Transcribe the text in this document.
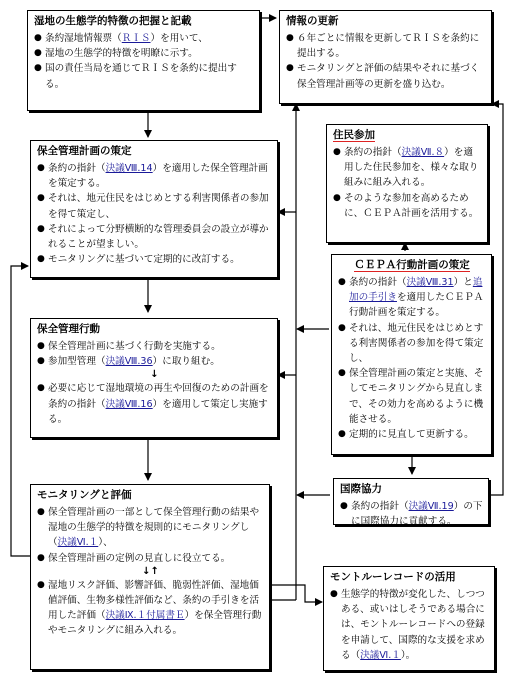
湿地の生態学的特徴の把握と記載
● 条約湿地情報票（ＲＩＳ）を用いて、
● 湿地の生態学的特徴を明瞭に示す。
● 国の責任当局を通じてＲＩＳを条約に提出する。
情報の更新
● ６年ごとに情報を更新してＲＩＳを条約に提出する。
● モニタリングと評価の結果やそれに基づく保全管理計画等の更新を盛り込む。
保全管理計画の策定
● 条約の指針（決議Ⅷ.14）を適用した保全管理計画を策定する。
● それは、地元住民をはじめとする利害関係者の参加を得て策定し、
● それによって分野横断的な管理委員会の設立が導かれることが望ましい。
● モニタリングに基づいて定期的に改訂する。
住民参加
● 条約の指針（決議Ⅶ.８）を適用した住民参加を、様々な取り組みに組み入れる。
● そのような参加を高めるために、ＣＥＰＡ計画を活用する。
保全管理行動
● 保全管理計画に基づく行動を実施する。
● 参加型管理（決議Ⅷ.36）に取り組む。
↓
● 必要に応じて湿地環境の再生や回復のための計画を条約の指針（決議Ⅷ.16）を適用して策定し実施する。
ＣＥＰＡ行動計画の策定
● 条約の指針（決議Ⅷ.31）と追加の手引きを適用したＣＥＰＡ行動計画を策定する。
● それは、地元住民をはじめとする利害関係者の参加を得て策定し、
● 保全管理計画の策定と実施、そしてモニタリングから見直しまで、その効力を高めるように機能させる。
● 定期的に見直して更新する。
国際協力
● 条約の指針（決議Ⅶ.19）の下に国際協力に貢献する。
モニタリングと評価
● 保全管理計画の一部として保全管理行動の結果や湿地の生態学的特徴を規則的にモニタリングし（決議Ⅵ.１）、
● 保全管理計画の定例の見直しに役立てる。
↓↑
● 湿地リスク評価、影響評価、脆弱性評価、湿地価値評価、生物多様性評価など、条約の手引きを活用した評価（決議Ⅸ.１付属書Ｅ）を保全管理行動やモニタリングに組み入れる。
モントルーレコードの活用
● 生態学的特徴が変化した、しつつある、或いはしそうである場合には、モントルーレコードへの登録を申請して、国際的な支援を求める（決議Ⅵ.１）。
